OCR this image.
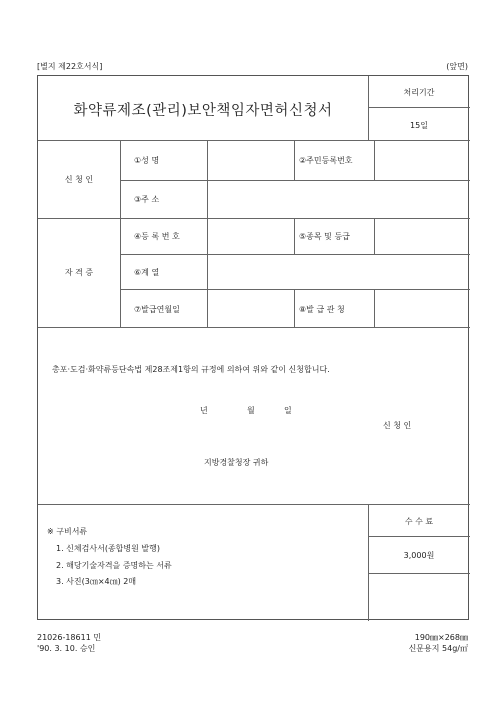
[별지 제22호서식]	(앞면)
화약류제조(관리)보안책임자면허신청서
처리기간
15일
신 청 인
①성 명	②주민등록번호
③주 소
자 격 증
④등 록 번 호	⑤종목 및 등급
⑥계 열
⑦발급연월일	⑧발 급 관 청
총포·도검·화약류등단속법 제28조제1항의 규정에 의하여 위와 같이 신청합니다.
년	월	일
신 청 인
지방경찰청장 귀하
※ 구비서류
1. 신체검사서(종합병원 발행)
2. 해당기술자격을 증명하는 서류
3. 사진(3㎝×4㎝) 2매
수 수 료
3,000원
21026-18611 민
'90. 3. 10. 승인
190㎜×268㎜
신문용지 54g/㎡
